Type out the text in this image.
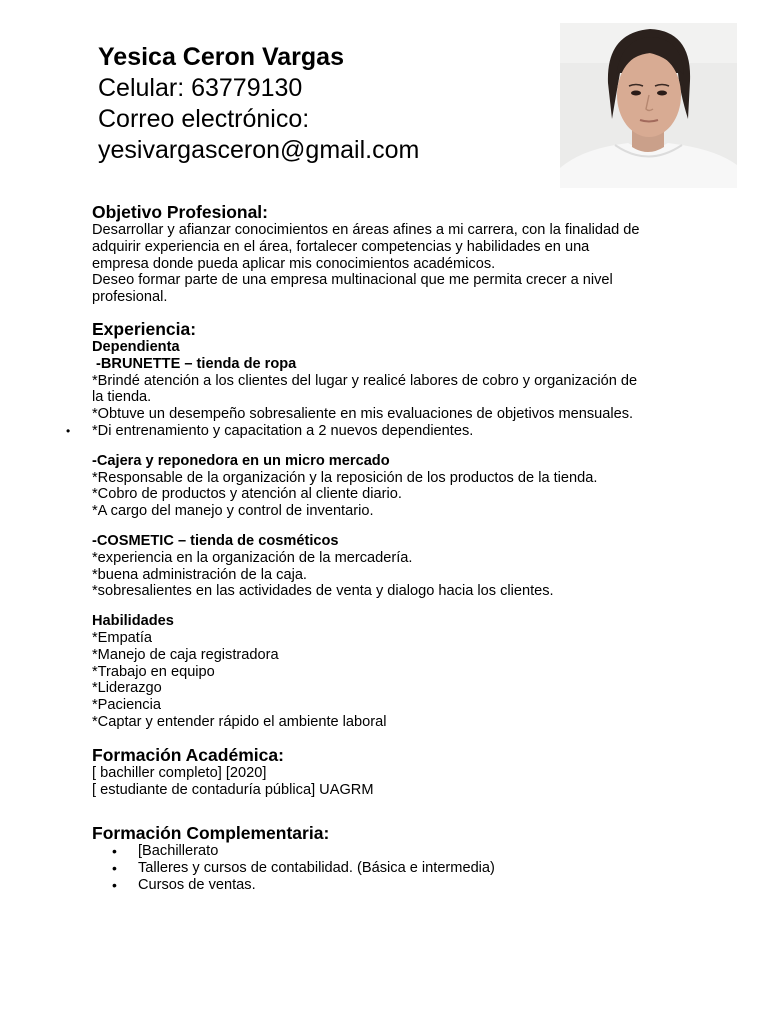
Yesica Ceron Vargas
Celular: 63779130
Correo electrónico:
yesivargasceron@gmail.com
Objetivo Profesional:
Desarrollar y afianzar conocimientos en áreas afines a mi carrera, con la finalidad de
adquirir experiencia en el área, fortalecer competencias y habilidades en una
empresa donde pueda aplicar mis conocimientos académicos.
Deseo formar parte de una empresa multinacional que me permita crecer a nivel
profesional.
Experiencia:
Dependienta
-BRUNETTE – tienda de ropa
*Brindé atención a los clientes del lugar y realicé labores de cobro y organización de
la tienda.
*Obtuve un desempeño sobresaliente en mis evaluaciones de objetivos mensuales.
• *Di entrenamiento y capacitation a 2 nuevos dependientes.
-Cajera y reponedora en un micro mercado
*Responsable de la organización y la reposición de los productos de la tienda.
*Cobro de productos y atención al cliente diario.
*A cargo del manejo y control de inventario.
-COSMETIC – tienda de cosméticos
*experiencia en la organización de la mercadería.
*buena administración de la caja.
*sobresalientes en las actividades de venta y dialogo hacia los clientes.
Habilidades
*Empatía
*Manejo de caja registradora
*Trabajo en equipo
*Liderazgo
*Paciencia
*Captar y entender rápido el ambiente laboral
Formación Académica:
[ bachiller completo] [2020]
[ estudiante de contaduría pública] UAGRM
Formación Complementaria:
• [Bachillerato
• Talleres y cursos de contabilidad. (Básica e intermedia)
• Cursos de ventas.
